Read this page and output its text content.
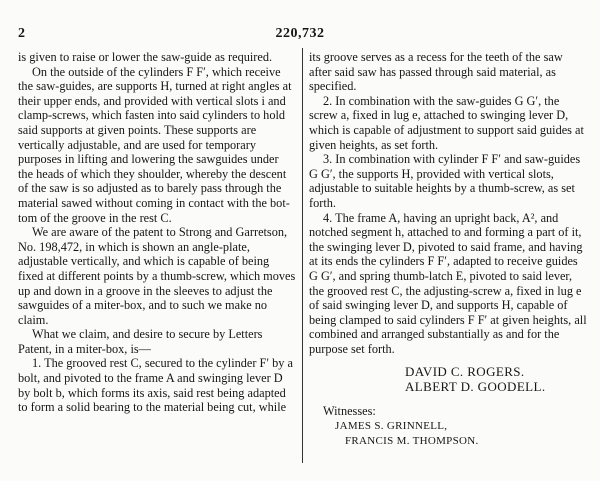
2	220,732

is given to raise or lower the saw-guide as required.

On the outside of the cylinders F F′, which receive the saw-guides, are supports H, turned at right angles at their upper ends, and provided with vertical slots i and clamp-screws, which fasten into said cylinders to hold said supports at given points. These supports are vertically adjustable, and are used for temporary purposes in lifting and lowering the sawguides under the heads of which they shoulder, whereby the descent of the saw is so adjusted as to barely pass through the material sawed without coming in contact with the bottom of the groove in the rest C.

We are aware of the patent to Strong and Garretson, No. 198,472, in which is shown an angle-plate, adjustable vertically, and which is capable of being fixed at different points by a thumb-screw, which moves up and down in a groove in the sleeves to adjust the sawguides of a miter-box, and to such we make no claim.

What we claim, and desire to secure by Letters Patent, in a miter-box, is—

1. The grooved rest C, secured to the cylinder F′ by a bolt, and pivoted to the frame A and swinging lever D by bolt b, which forms its axis, said rest being adapted to form a solid bearing to the material being cut, while

its groove serves as a recess for the teeth of the saw after said saw has passed through said material, as specified.

2. In combination with the saw-guides G G′, the screw a, fixed in lug e, attached to swinging lever D, which is capable of adjustment to support said guides at given heights, as set forth.

3. In combination with cylinder F F′ and saw-guides G G′, the supports H, provided with vertical slots, adjustable to suitable heights by a thumb-screw, as set forth.

4. The frame A, having an upright back, A², and notched segment h, attached to and forming a part of it, the swinging lever D, pivoted to said frame, and having at its ends the cylinders F F′, adapted to receive guides G G′, and spring thumb-latch E, pivoted to said lever, the grooved rest C, the adjusting-screw a, fixed in lug e of said swinging lever D, and supports H, capable of being clamped to said cylinders F F′ at given heights, all combined and arranged substantially as and for the purpose set forth.

DAVID C. ROGERS.
ALBERT D. GOODELL.
Witnesses:
JAMES S. GRINNELL,
FRANCIS M. THOMPSON.
